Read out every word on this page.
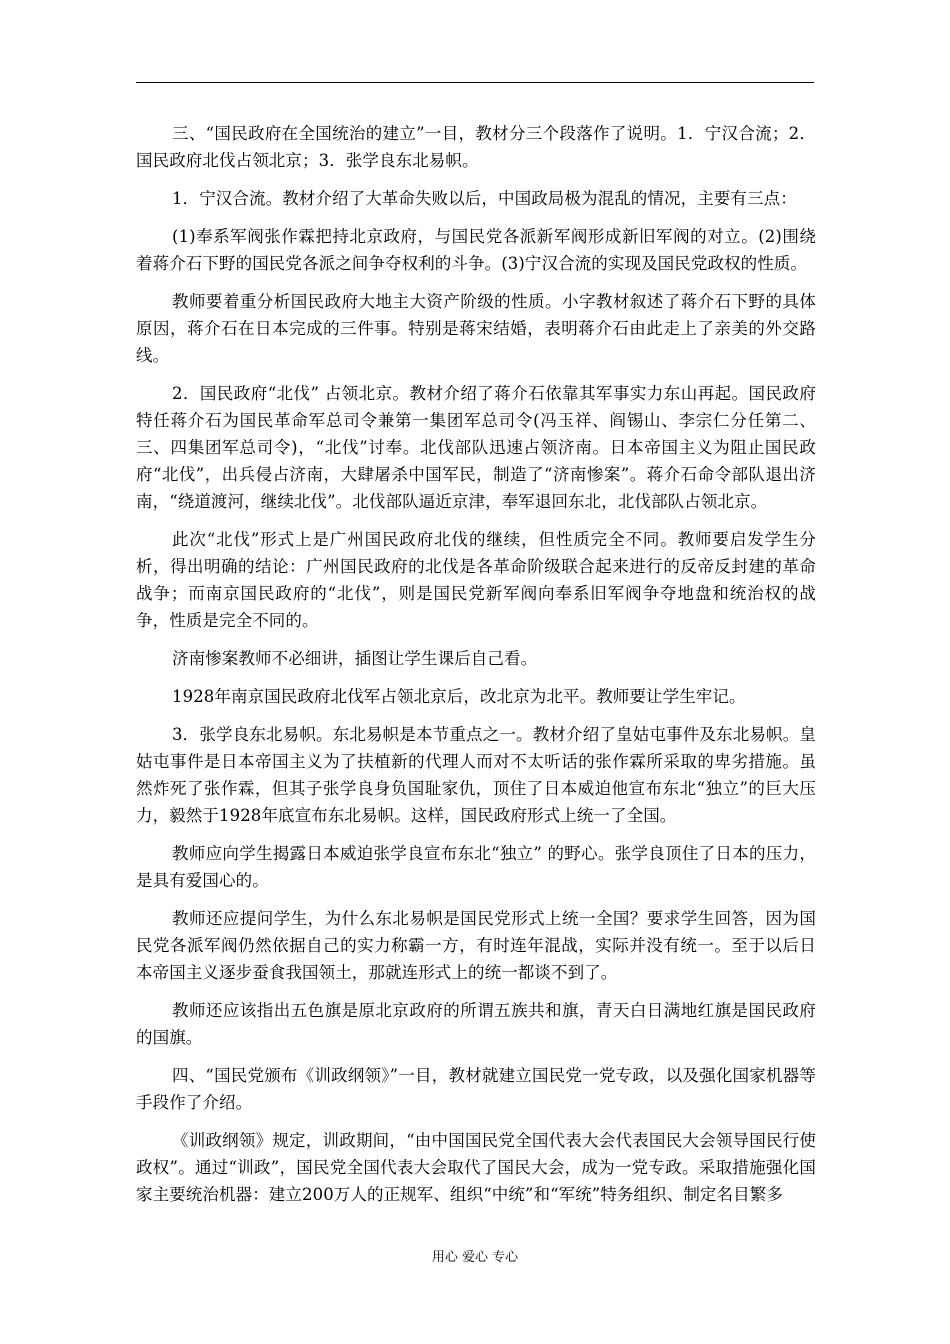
三、“国民政府在全国统治的建立”一目，教材分三个段落作了说明。1．宁汉合流；2．国民政府北伐占领北京；3．张学良东北易帜。

1．宁汉合流。教材介绍了大革命失败以后，中国政局极为混乱的情况，主要有三点：

(1)奉系军阀张作霖把持北京政府，与国民党各派新军阀形成新旧军阀的对立。(2)围绕着蒋介石下野的国民党各派之间争夺权利的斗争。(3)宁汉合流的实现及国民党政权的性质。

教师要着重分析国民政府大地主大资产阶级的性质。小字教材叙述了蒋介石下野的具体原因，蒋介石在日本完成的三件事。特别是蒋宋结婚，表明蒋介石由此走上了亲美的外交路线。

2．国民政府“北伐” 占领北京。教材介绍了蒋介石依靠其军事实力东山再起。国民政府特任蒋介石为国民革命军总司令兼第一集团军总司令(冯玉祥、阎锡山、李宗仁分任第二、三、四集团军总司令)，“北伐”讨奉。北伐部队迅速占领济南。日本帝国主义为阻止国民政府“北伐”，出兵侵占济南，大肆屠杀中国军民，制造了“济南惨案”。蒋介石命令部队退出济南，“绕道渡河，继续北伐”。北伐部队逼近京津，奉军退回东北，北伐部队占领北京。

此次“北伐”形式上是广州国民政府北伐的继续，但性质完全不同。教师要启发学生分析，得出明确的结论：广州国民政府的北伐是各革命阶级联合起来进行的反帝反封建的革命战争；而南京国民政府的“北伐”，则是国民党新军阀向奉系旧军阀争夺地盘和统治权的战争，性质是完全不同的。

济南惨案教师不必细讲，插图让学生课后自己看。

1928年南京国民政府北伐军占领北京后，改北京为北平。教师要让学生牢记。

3．张学良东北易帜。东北易帜是本节重点之一。教材介绍了皇姑屯事件及东北易帜。皇姑屯事件是日本帝国主义为了扶植新的代理人而对不太听话的张作霖所采取的卑劣措施。虽然炸死了张作霖，但其子张学良身负国耻家仇，顶住了日本威迫他宣布东北“独立”的巨大压力，毅然于1928年底宣布东北易帜。这样，国民政府形式上统一了全国。

教师应向学生揭露日本威迫张学良宣布东北“独立” 的野心。张学良顶住了日本的压力，是具有爱国心的。

教师还应提问学生，为什么东北易帜是国民党形式上统一全国？要求学生回答，因为国民党各派军阀仍然依据自己的实力称霸一方，有时连年混战，实际并没有统一。至于以后日本帝国主义逐步蚕食我国领土，那就连形式上的统一都谈不到了。

教师还应该指出五色旗是原北京政府的所谓五族共和旗，青天白日满地红旗是国民政府的国旗。

四、“国民党颁布《训政纲领》”一目，教材就建立国民党一党专政，以及强化国家机器等手段作了介绍。

《训政纲领》规定，训政期间，“由中国国民党全国代表大会代表国民大会领导国民行使政权”。通过“训政”，国民党全国代表大会取代了国民大会，成为一党专政。采取措施强化国家主要统治机器：建立200万人的正规军、组织“中统”和“军统”特务组织、制定名目繁多

用心 爱心 专心
